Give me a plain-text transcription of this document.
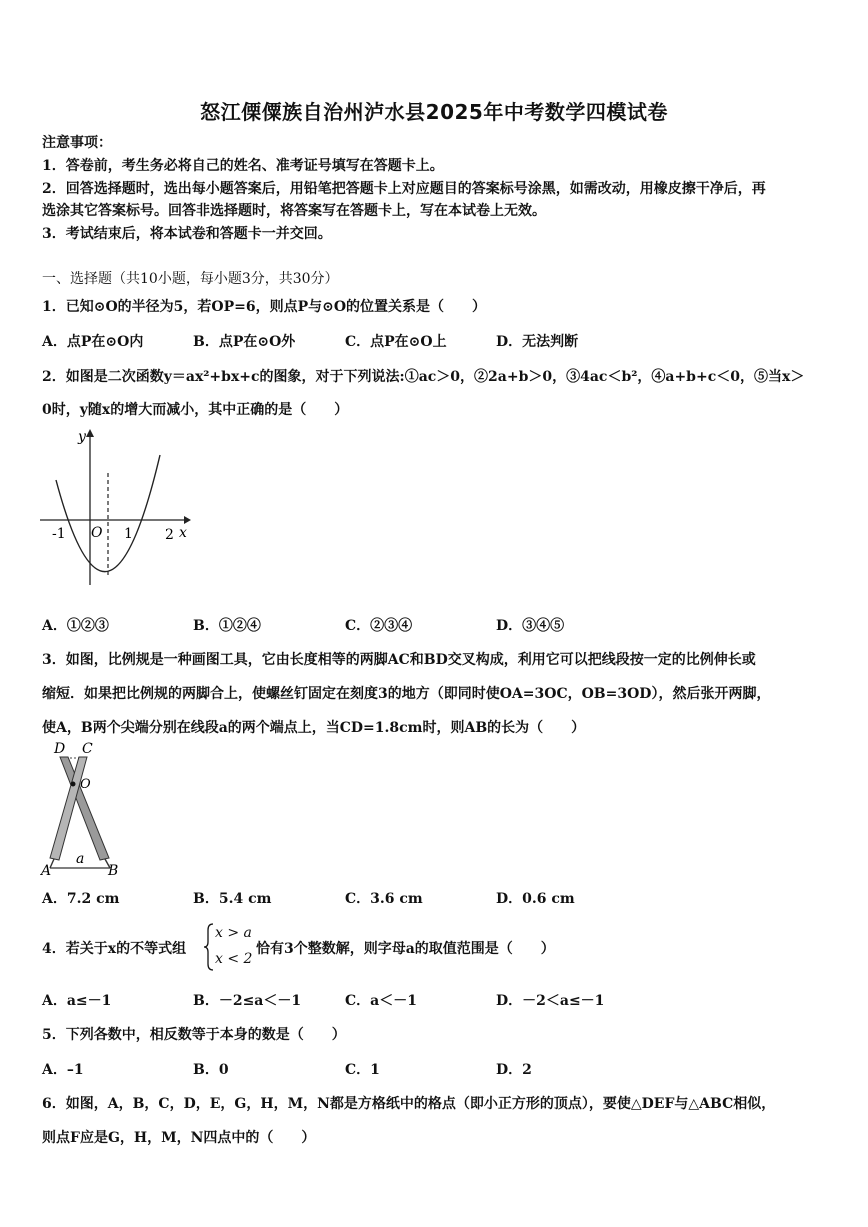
怒江傈僳族自治州泸水县2025年中考数学四模试卷
注意事项：
1．答卷前，考生务必将自己的姓名、准考证号填写在答题卡上。
2．回答选择题时，选出每小题答案后，用铅笔把答题卡上对应题目的答案标号涂黑，如需改动，用橡皮擦干净后，再
选涂其它答案标号。回答非选择题时，将答案写在答题卡上，写在本试卷上无效。
3．考试结束后，将本试卷和答题卡一并交回。
一、选择题（共10小题，每小题3分，共30分）
1．已知⊙O的半径为5，若OP=6，则点P与⊙O的位置关系是（　　）
A．点P在⊙O内	B．点P在⊙O外	C．点P在⊙O上	D．无法判断
2．如图是二次函数y＝ax²+bx+c的图象，对于下列说法:①ac＞0，②2a+b＞0，③4ac＜b²，④a+b+c＜0，⑤当x＞
0时，y随x的增大而减小，其中正确的是（　　）
y
x
O
-1	1 2
A．①②③	B．①②④	C．②③④	D．③④⑤
3．如图，比例规是一种画图工具，它由长度相等的两脚AC和BD交叉构成，利用它可以把线段按一定的比例伸长或
缩短．如果把比例规的两脚合上，使螺丝钉固定在刻度3的地方（即同时使OA=3OC，OB=3OD），然后张开两脚，
使A，B两个尖端分别在线段a的两个端点上，当CD=1.8cm时，则AB的长为（　　）
D C
O
A
a
B
A．7.2 cm	B．5.4 cm	C．3.6 cm	D．0.6 cm
4．若关于x的不等式组
x > a
x < 2
恰有3个整数解，则字母a的取值范围是（　　）
A．a≤－1	B．－2≤a＜－1	C．a＜－1	D．－2＜a≤－1
5．下列各数中，相反数等于本身的数是（　　）
A．–1	B．0	C．1	D．2
6．如图，A，B，C，D，E，G，H，M，N都是方格纸中的格点（即小正方形的顶点），要使△DEF与△ABC相似，
则点F应是G，H，M，N四点中的（　　）
